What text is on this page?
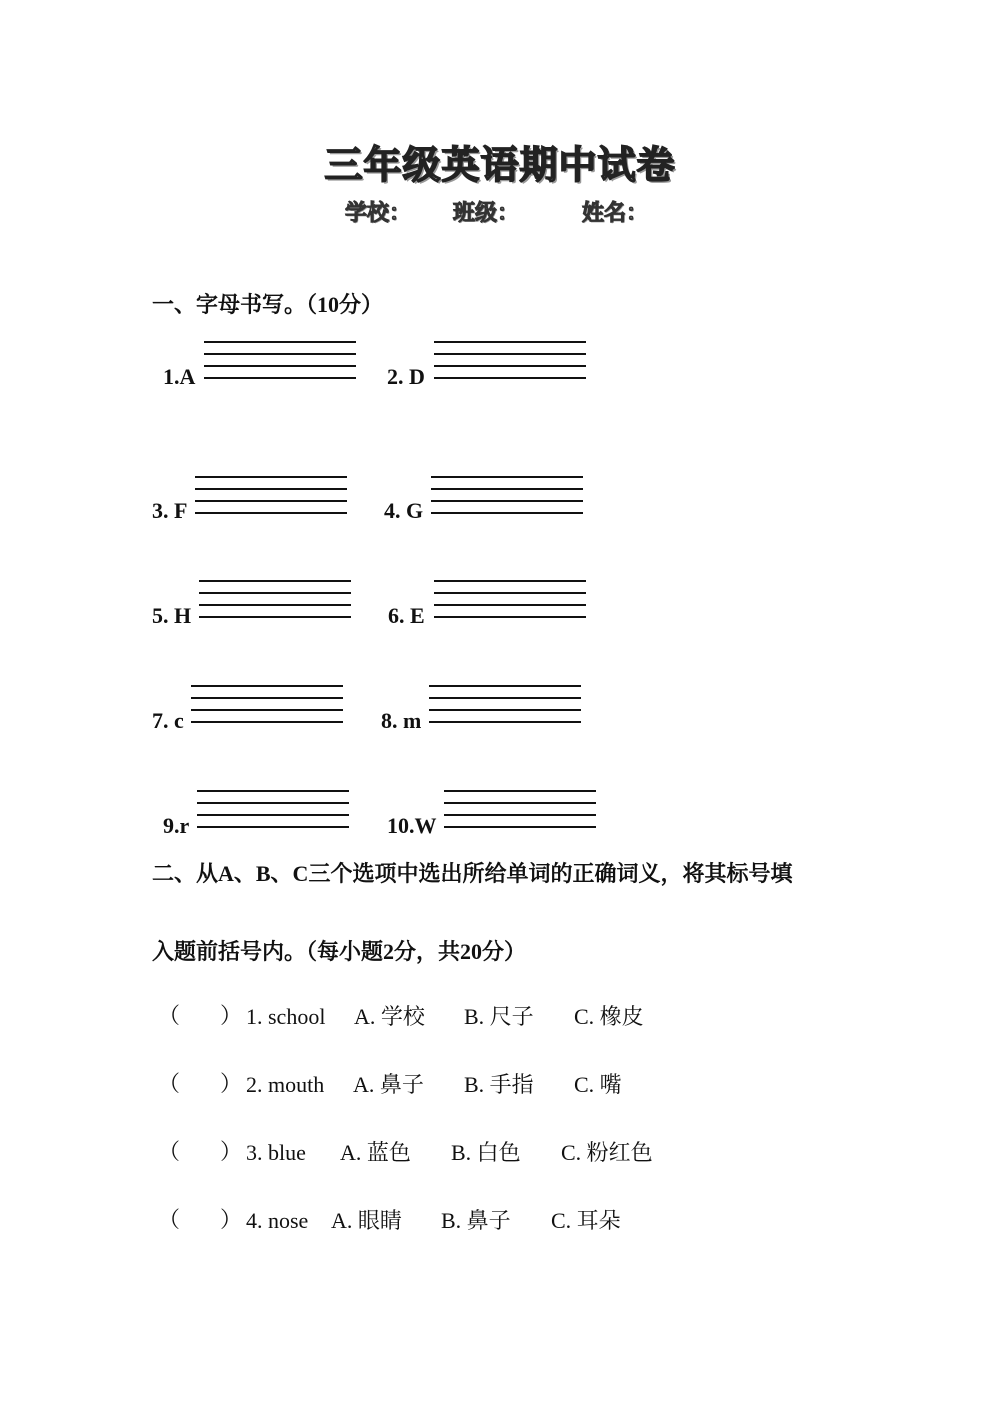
三年级英语期中试卷
学校： 班级：	姓名：
一、字母书写。（10分）
1.A	2. D
3. F	4. G
5. H	6. E
7. c	8. m
9.r	10.W
二、从A、B、C三个选项中选出所给单词的正确词义，将其标号填
入题前括号内。（每小题2分，共20分）
（ ） 1. school A. 学校 B. 尺子 C. 橡皮
（ ） 2. mouth A. 鼻子 B. 手指 C. 嘴
（ ） 3. blue A. 蓝色 B. 白色 C. 粉红色
（ ） 4. nose A. 眼睛 B. 鼻子 C. 耳朵
